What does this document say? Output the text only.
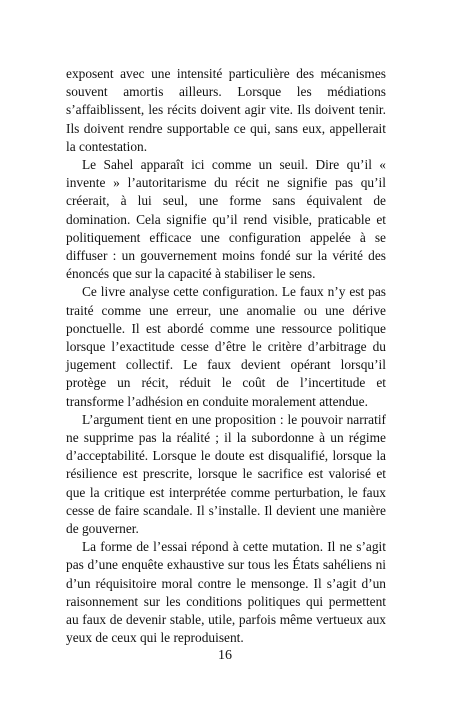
exposent avec une intensité particulière des mécanismes souvent amortis ailleurs. Lorsque les médiations s’affaiblissent, les récits doivent agir vite. Ils doivent tenir. Ils doivent rendre supportable ce qui, sans eux, appellerait la contestation.

Le Sahel apparaît ici comme un seuil. Dire qu’il « invente » l’autoritarisme du récit ne signifie pas qu’il créerait, à lui seul, une forme sans équivalent de domination. Cela signifie qu’il rend visible, praticable et politiquement efficace une configuration appelée à se diffuser : un gouvernement moins fondé sur la vérité des énoncés que sur la capacité à stabiliser le sens.

Ce livre analyse cette configuration. Le faux n’y est pas traité comme une erreur, une anomalie ou une dérive ponctuelle. Il est abordé comme une ressource politique lorsque l’exactitude cesse d’être le critère d’arbitrage du jugement collectif. Le faux devient opérant lorsqu’il protège un récit, réduit le coût de l’incertitude et transforme l’adhésion en conduite moralement attendue.

L’argument tient en une proposition : le pouvoir narratif ne supprime pas la réalité ; il la subordonne à un régime d’acceptabilité. Lorsque le doute est disqualifié, lorsque la résilience est prescrite, lorsque le sacrifice est valorisé et que la critique est interprétée comme perturbation, le faux cesse de faire scandale. Il s’installe. Il devient une manière de gouverner.

La forme de l’essai répond à cette mutation. Il ne s’agit pas d’une enquête exhaustive sur tous les États sahéliens ni d’un réquisitoire moral contre le mensonge. Il s’agit d’un raisonnement sur les conditions politiques qui permettent au faux de devenir stable, utile, parfois même vertueux aux yeux de ceux qui le reproduisent.

16
